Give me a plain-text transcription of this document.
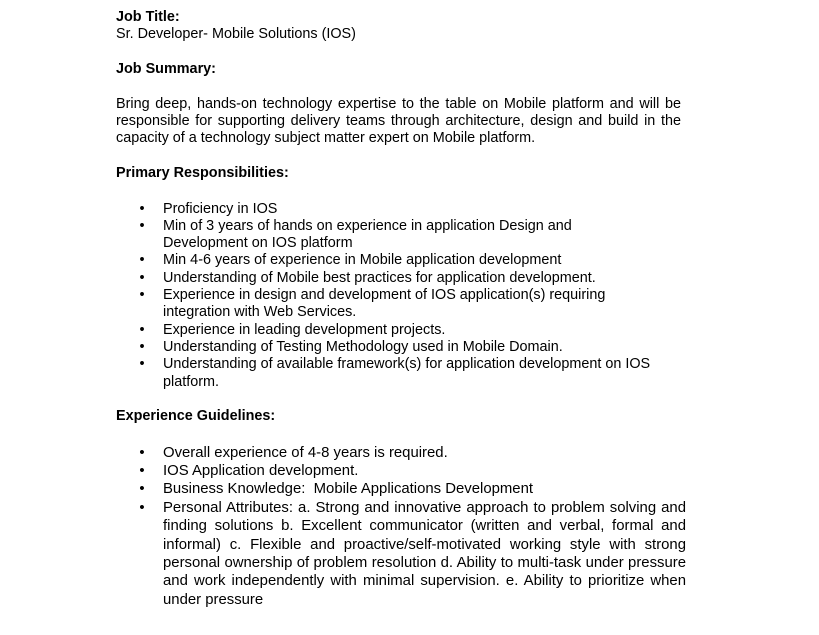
Job Title:

Sr. Developer- Mobile Solutions (IOS)

Job Summary:

Bring deep, hands-on technology expertise to the table on Mobile platform and will be responsible for supporting delivery teams through architecture, design and build in the capacity of a technology subject matter expert on Mobile platform.

Primary Responsibilities:

• Proficiency in IOS
• Min of 3 years of hands on experience in application Design and Development on IOS platform
• Min 4-6 years of experience in Mobile application development
• Understanding of Mobile best practices for application development.
• Experience in design and development of IOS application(s) requiring integration with Web Services.
• Experience in leading development projects.
• Understanding of Testing Methodology used in Mobile Domain.
• Understanding of available framework(s) for application development on IOS platform.

Experience Guidelines:

• Overall experience of 4-8 years is required.
• IOS Application development.
• Business Knowledge:  Mobile Applications Development
• Personal Attributes: a. Strong and innovative approach to problem solving and finding solutions b. Excellent communicator (written and verbal, formal and informal) c. Flexible and proactive/self-motivated working style with strong personal ownership of problem resolution d. Ability to multi-task under pressure and work independently with minimal supervision. e. Ability to prioritize when under pressure
